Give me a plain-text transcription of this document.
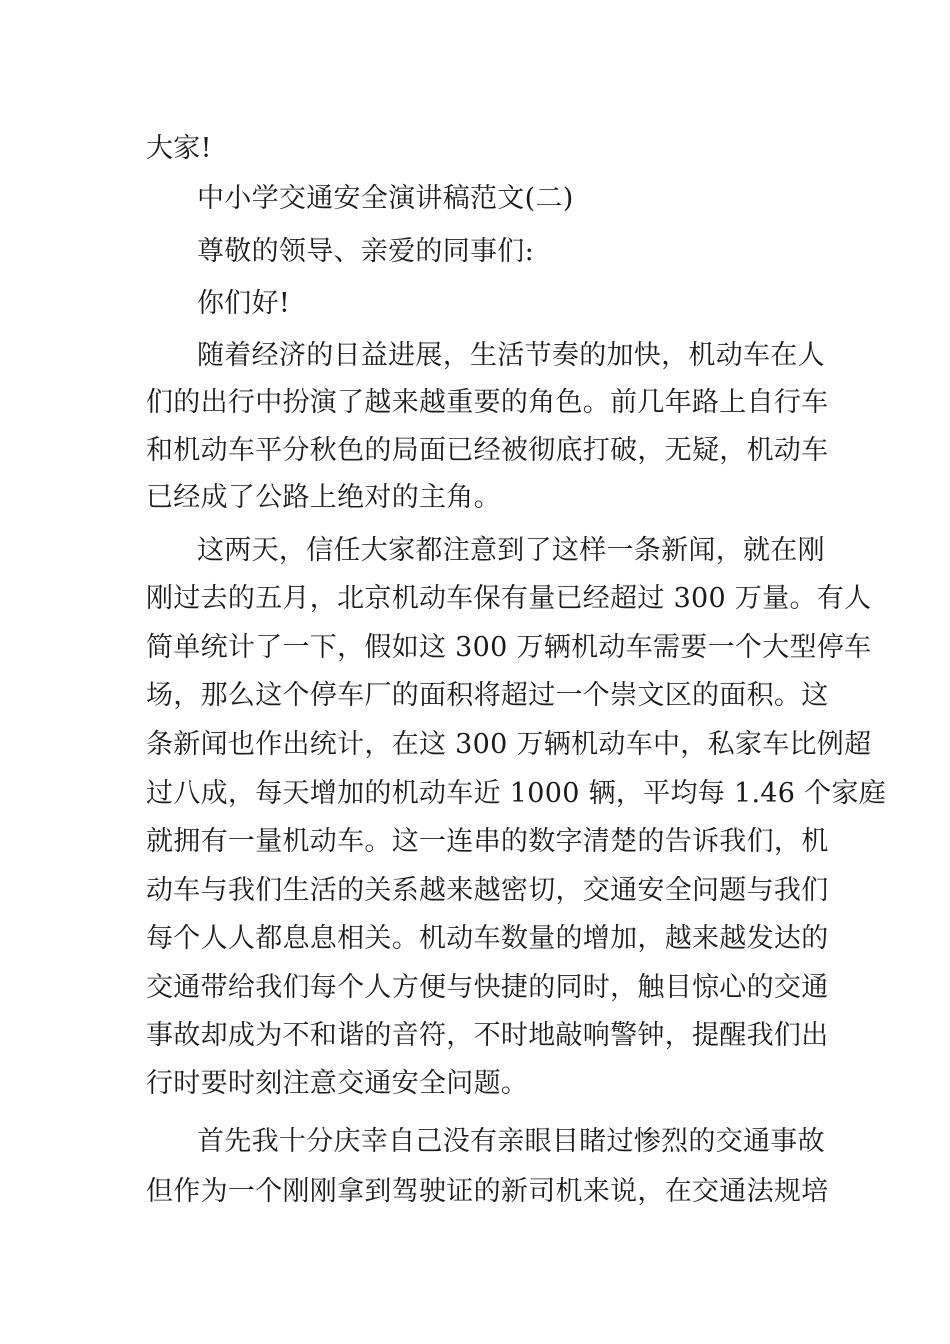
大家!
中小学交通安全演讲稿范文(二)
尊敬的领导、亲爱的同事们:
你们好!
随着经济的日益进展，生活节奏的加快，机动车在人
们的出行中扮演了越来越重要的角色。前几年路上自行车
和机动车平分秋色的局面已经被彻底打破，无疑，机动车
已经成了公路上绝对的主角。
这两天，信任大家都注意到了这样一条新闻，就在刚
刚过去的五月，北京机动车保有量已经超过 300 万量。有人
简单统计了一下，假如这 300 万辆机动车需要一个大型停车
场，那么这个停车厂的面积将超过一个崇文区的面积。这
条新闻也作出统计，在这 300 万辆机动车中，私家车比例超
过八成，每天增加的机动车近 1000 辆，平均每 1.46 个家庭
就拥有一量机动车。这一连串的数字清楚的告诉我们，机
动车与我们生活的关系越来越密切，交通安全问题与我们
每个人人都息息相关。机动车数量的增加，越来越发达的
交通带给我们每个人方便与快捷的同时，触目惊心的交通
事故却成为不和谐的音符，不时地敲响警钟，提醒我们出
行时要时刻注意交通安全问题。
首先我十分庆幸自己没有亲眼目睹过惨烈的交通事故
但作为一个刚刚拿到驾驶证的新司机来说，在交通法规培
